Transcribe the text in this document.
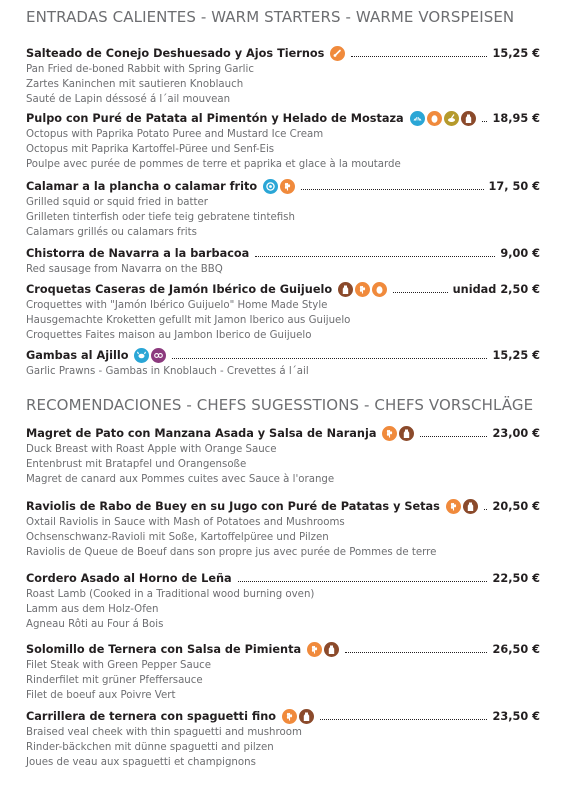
ENTRADAS CALIENTES - WARM STARTERS - WARME VORSPEISEN
Salteado de Conejo Deshuesado y Ajos Tiernos	15,25 €
Pan Fried de-boned Rabbit with Spring Garlic
Zartes Kaninchen mit sautieren Knoblauch
Sauté de Lapin déssosé á l´ail mouvean
Pulpo con Puré de Patata al Pimentón y Helado de Mostaza	18,95 €
Octopus with Paprika Potato Puree and Mustard Ice Cream
Octopus mit Paprika Kartoffel-Püree und Senf-Eis
Poulpe avec purée de pommes de terre et paprika et glace à la moutarde
Calamar a la plancha o calamar frito	17, 50 €
Grilled squid or squid fried in batter
Grilleten tinterfish oder tiefe teig gebratene tintefish
Calamars grillés ou calamars frits
Chistorra de Navarra a la barbacoa	9,00 €
Red sausage from Navarra on the BBQ
Croquetas Caseras de Jamón Ibérico de Guijuelo	unidad 2,50 €
Croquettes with "Jamón Ibérico Guijuelo" Home Made Style
Hausgemachte Kroketten gefullt mit Jamon Iberico aus Guijuelo
Croquettes Faites maison au Jambon Iberico de Guijuelo
Gambas al Ajillo	15,25 €
Garlic Prawns - Gambas in Knoblauch - Crevettes á l´ail
RECOMENDACIONES - CHEFS SUGESSTIONS - CHEFS VORSCHLÄGE
Magret de Pato con Manzana Asada y Salsa de Naranja	23,00 €
Duck Breast with Roast Apple with Orange Sauce
Entenbrust mit Bratapfel und Orangensoße
Magret de canard aux Pommes cuites avec Sauce à l'orange
Raviolis de Rabo de Buey en su Jugo con Puré de Patatas y Setas	20,50 €
Oxtail Raviolis in Sauce with Mash of Potatoes and Mushrooms
Ochsenschwanz-Ravioli mit Soße, Kartoffelpüree und Pilzen
Raviolis de Queue de Boeuf dans son propre jus avec purée de Pommes de terre
Cordero Asado al Horno de Leña	22,50 €
Roast Lamb (Cooked in a Traditional wood burning oven)
Lamm aus dem Holz-Ofen
Agneau Rôti au Four á Bois
Solomillo de Ternera con Salsa de Pimienta	26,50 €
Filet Steak with Green Pepper Sauce
Rinderfilet mit grüner Pfeffersauce
Filet de boeuf aux Poivre Vert
Carrillera de ternera con spaguetti fino	23,50 €
Braised veal cheek with thin spaguetti and mushroom
Rinder-bäckchen mit dünne spaguetti and pilzen
Joues de veau aux spaguetti et champignons
